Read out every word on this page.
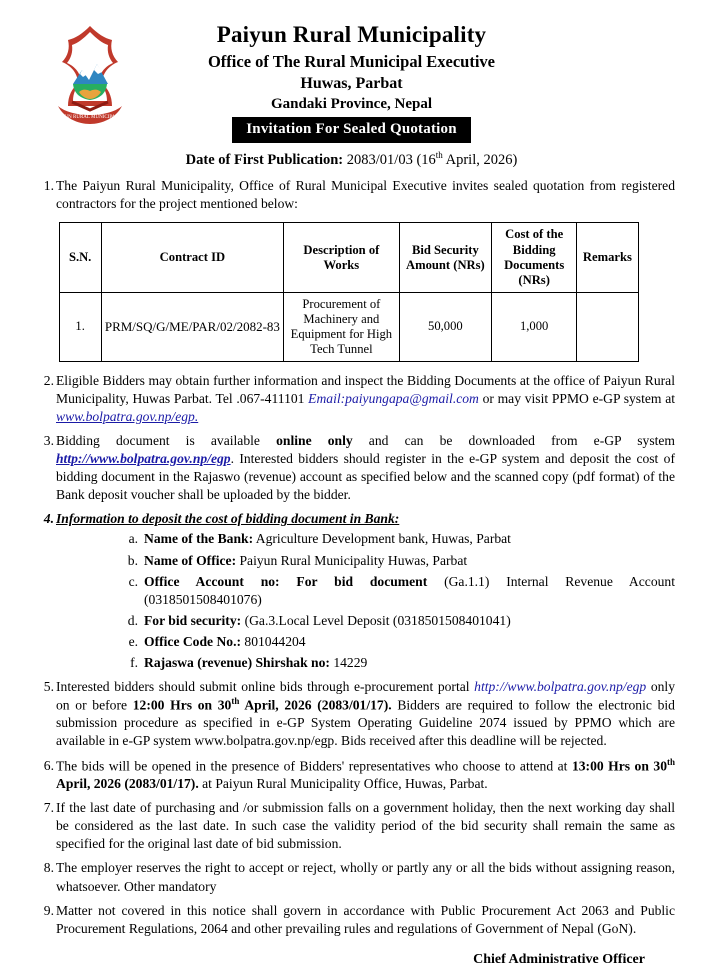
PAIYUN RURAL MUNICIPALITY
Paiyun Rural Municipality
Office of The Rural Municipal Executive
Huwas, Parbat
Gandaki Province, Nepal
Invitation For Sealed Quotation
Date of First Publication: 2083/01/03 (16th April, 2026)
1. The Paiyun Rural Municipality, Office of Rural Municipal Executive invites sealed quotation from registered contractors for the project mentioned below:
S.N.	Contract ID	Description of Works	Bid Security Amount (NRs)	Cost of the Bidding Documents (NRs)	Remarks
1.	PRM/SQ/G/ME/PAR/02/2082-83	Procurement of Machinery and Equipment for High Tech Tunnel	50,000	1,000	
2. Eligible Bidders may obtain further information and inspect the Bidding Documents at the office of Paiyun Rural Municipality, Huwas Parbat. Tel .067-411101 Email:paiyungapa@gmail.com or may visit PPMO e-GP system at www.bolpatra.gov.np/egp.
3. Bidding document is available online only and can be downloaded from e-GP system http://www.bolpatra.gov.np/egp. Interested bidders should register in the e-GP system and deposit the cost of bidding document in the Rajaswo (revenue) account as specified below and the scanned copy (pdf format) of the Bank deposit voucher shall be uploaded by the bidder.
4. Information to deposit the cost of bidding document in Bank:
a. Name of the Bank: Agriculture Development bank, Huwas, Parbat
b. Name of Office: Paiyun Rural Municipality Huwas, Parbat
c. Office Account no: For bid document (Ga.1.1) Internal Revenue Account (0318501508401076)
d. For bid security: (Ga.3.Local Level Deposit (0318501508401041)
e. Office Code No.: 801044204
f. Rajaswa (revenue) Shirshak no: 14229
5. Interested bidders should submit online bids through e-procurement portal http://www.bolpatra.gov.np/egp only on or before 12:00 Hrs on 30th April, 2026 (2083/01/17). Bidders are required to follow the electronic bid submission procedure as specified in e-GP System Operating Guideline 2074 issued by PPMO which are available in e-GP system www.bolpatra.gov.np/egp. Bids received after this deadline will be rejected.
6. The bids will be opened in the presence of Bidders' representatives who choose to attend at 13:00 Hrs on 30th April, 2026 (2083/01/17). at Paiyun Rural Municipality Office, Huwas, Parbat.
7. If the last date of purchasing and /or submission falls on a government holiday, then the next working day shall be considered as the last date. In such case the validity period of the bid security shall remain the same as specified for the original last date of bid submission.
8. The employer reserves the right to accept or reject, wholly or partly any or all the bids without assigning reason, whatsoever. Other mandatory
9. Matter not covered in this notice shall govern in accordance with Public Procurement Act 2063 and Public Procurement Regulations, 2064 and other prevailing rules and regulations of Government of Nepal (GoN).
Chief Administrative Officer
